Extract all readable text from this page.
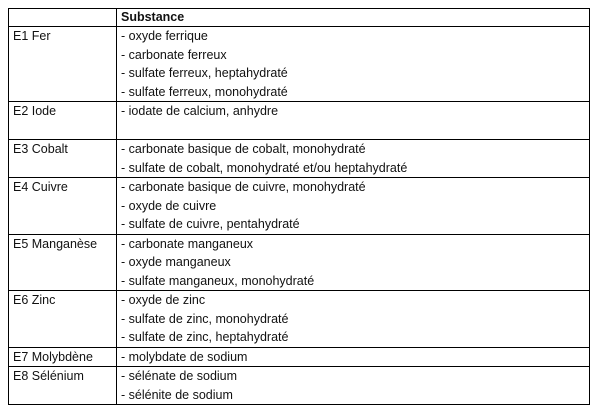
	Substance

E1 Fer	- oxyde ferrique
- carbonate ferreux
- sulfate ferreux, heptahydraté
- sulfate ferreux, monohydraté

E2 Iode	- iodate de calcium, anhydre

E3 Cobalt	- carbonate basique de cobalt, monohydraté
- sulfate de cobalt, monohydraté et/ou heptahydraté

E4 Cuivre	- carbonate basique de cuivre, monohydraté
- oxyde de cuivre
- sulfate de cuivre, pentahydraté

E5 Manganèse	- carbonate manganeux
- oxyde manganeux
- sulfate manganeux, monohydraté

E6 Zinc	- oxyde de zinc
- sulfate de zinc, monohydraté
- sulfate de zinc, heptahydraté

E7 Molybdène	- molybdate de sodium

E8 Sélénium	- sélénate de sodium
- sélénite de sodium
